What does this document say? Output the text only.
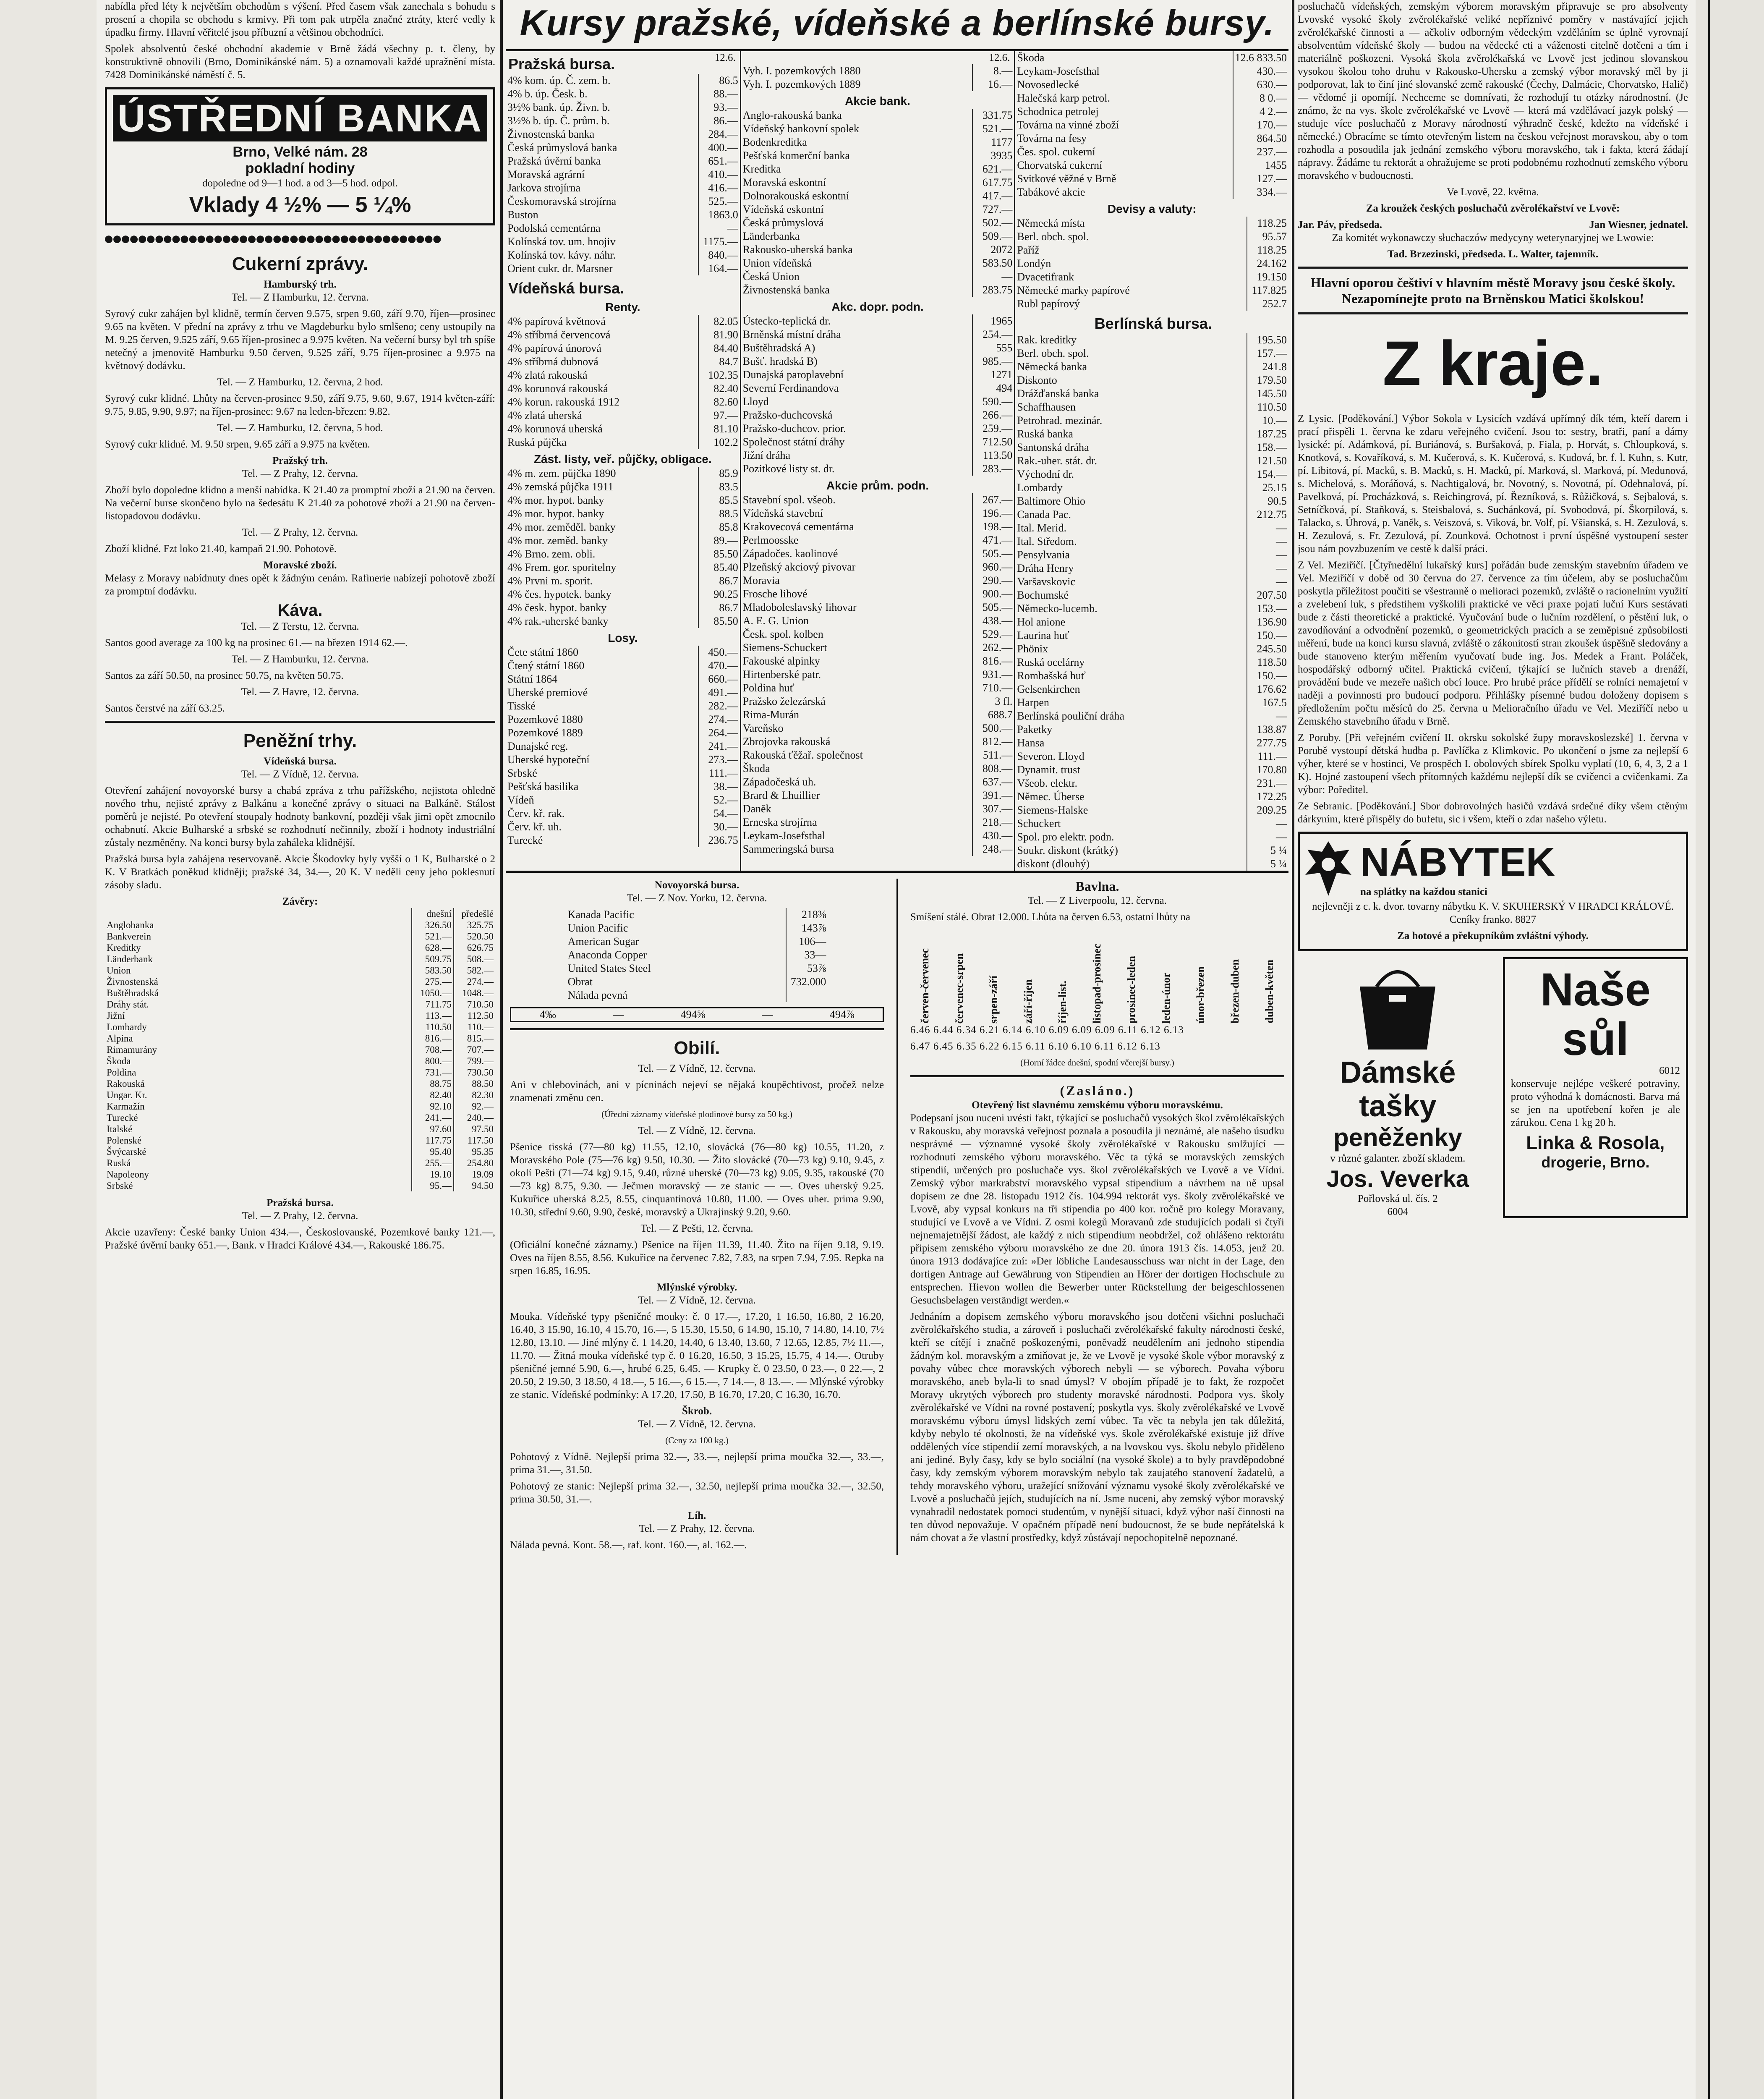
nabídla před léty k největším obchodům s výšení. Před časem však zanechala s bohudu s prosení a chopila se obchodu s krmivy. Při tom pak utrpěla značné ztráty, které vedly k úpadku firmy. Hlavní věřitelé jsou příbuzní a většinou obchodníci.

Spolek absolventů české obchodní akademie v Brně žádá všechny p. t. členy, by konstruktivně obnovili (Brno, Dominikánské nám. 5) a oznamovali každé upražnění místa. 7428 Dominikánské náměstí č. 5.

ÚSTŘEDNÍ BANKA
Brno, Velké nám. 28
pokladní hodiny
dopoledne od 9—1 hod. a od 3—5 hod. odpol.
Vklady 4 ½% — 5 ¼%
●●●●●●●●●●●●●●●●●●●●●●●●●●●●●●●●●●●●●●●●
Cukerní zprávy.
Hamburský trh.

Tel. — Z Hamburku, 12. června.

Syrový cukr zahájen byl klidně, termín červen 9.575, srpen 9.60, září 9.70, říjen—prosinec 9.65 na květen. V přední na zprávy z trhu ve Magdeburku bylo smlšeno; ceny ustoupily na M. 9.25 červen, 9.525 září, 9.65 říjen-prosinec a 9.975 květen. Na večerní bursy byl trh spíše netečný a jmenovitě Hamburku 9.50 červen, 9.525 září, 9.75 říjen-prosinec a 9.975 na květnový dodávku.

Tel. — Z Hamburku, 12. června, 2 hod.

Syrový cukr klidné. Lhůty na červen-prosinec 9.50, září 9.75, 9.60, 9.67, 1914 květen-září: 9.75, 9.85, 9.90, 9.97; na říjen-prosinec: 9.67 na leden-březen: 9.82.

Tel. — Z Hamburku, 12. června, 5 hod.

Syrový cukr klidné. M. 9.50 srpen, 9.65 září a 9.975 na květen.

Pražský trh.

Tel. — Z Prahy, 12. června.

Zboží bylo dopoledne klidno a menší nabídka. K 21.40 za promptní zboží a 21.90 na červen. Na večerní burse skončeno bylo na šedesátu K 21.40 za pohotové zboží a 21.90 na červen-listopadovou dodávku.

Tel. — Z Prahy, 12. června.

Zboží klidné. Fzt loko 21.40, kampaň 21.90. Pohotově.

Moravské zboží.

Melasy z Moravy nabídnuty dnes opět k žádným cenám. Rafinerie nabízejí pohotově zboží za promptní dodávku.

Káva.

Tel. — Z Terstu, 12. června.

Santos good average za 100 kg na prosinec 61.— na březen 1914 62.—.

Tel. — Z Hamburku, 12. června.

Santos za září 50.50, na prosinec 50.75, na květen 50.75.

Tel. — Z Havre, 12. června.

Santos čerstvé na září 63.25.

Peněžní trhy.
Vídeňská bursa.

Tel. — Z Vídně, 12. června.

Otevření zahájení novoyorské bursy a chabá zpráva z trhu pařížského, nejistota ohledně nového trhu, nejisté zprávy z Balkánu a konečné zprávy o situaci na Balkáně. Stálost poměrů je nejisté. Po otevření stoupaly hodnoty bankovní, později však jimi opět zmocnilo ochabnutí. Akcie Bulharské a srbské se rozhodnutí nečinnily, zboží i hodnoty industriální zůstaly nezměněny. Na konci bursy byla zaháleka klidnější.

Pražská bursa byla zahájena reservovaně. Akcie Škodovky byly vyšší o 1 K, Bulharské o 2 K. V Bratkách poněkud klidněji; pražské 34, 34.—, 20 K. V neděli ceny jeho poklesnutí zásoby sladu.

Závěry:
	dnešní	předešlé
Anglobanka	326.50	325.75
Bankverein	521.—	520.50
Kreditky	628.—	626.75
Länderbank	509.75	508.—
Union	583.50	582.—
Živnostenská	275.—	274.—
Buštěhradská	1050.—	1048.—
Dráhy stát.	711.75	710.50
Jižní	113.—	112.50
Lombardy	110.50	110.—
Alpina	816.—	815.—
Rimamurány	708.—	707.—
Škoda	800.—	799.—
Poldina	731.—	730.50
Rakouská	88.75	88.50
Ungar. Kr.	82.40	82.30
Karmažín	92.10	92.—
Turecké	241.—	240.—
Italské	97.60	97.50
Polenské	117.75	117.50
Švýcarské	95.40	95.35
Ruská	255.—	254.80
Napoleony	19.10	19.09
Srbské	95.—	94.50
Pražská bursa.

Tel. — Z Prahy, 12. června.

Akcie uzavřeny: České banky Union 434.—, Českoslovanské, Pozemkové banky 121.—, Pražské úvěrní banky 651.—, Bank. v Hradci Králové 434.—, Rakouské 186.75.

Kursy pražské, vídeňské a berlínské bursy.
Pražská bursa.	12.6.
4% kom. úp. Č. zem. b.	86.5
4% b. úp. Česk. b.	88.—
3½% bank. úp. Živn. b.	93.—
3½% b. úp. Č. prům. b.	86.—
Živnostenská banka	284.—
Česká průmyslová banka	400.—
Pražská úvěrní banka	651.—
Moravská agrární	410.—
Jarkova strojírna	416.—
Českomoravská strojírna	525.—
Buston	1863.0
Podolská cementárna	—
Kolínská tov. um. hnojiv	1175.—
Kolínská tov. kávy. náhr.	840.—
Orient cukr. dr. Marsner	164.—
Vídeňská bursa.
Renty.
4% papírová květnová	82.05
4% stříbrná červencová	81.90
4% papírová únorová	84.40
4% stříbrná dubnová	84.7
4% zlatá rakouská	102.35
4% korunová rakouská	82.40
4% korun. rakouská 1912	82.60
4% zlatá uherská	97.—
4% korunová uherská	81.10
Ruská půjčka	102.2
Zást. listy, veř. půjčky, obligace.
4% m. zem. půjčka 1890	85.9
4% zemská půjčka 1911	83.5
4% mor. hypot. banky	85.5
4% mor. hypot. banky	88.5
4% mor. zeměděl. banky	85.8
4% mor. zeměd. banky	89.—
4% Brno. zem. obli.	85.50
4% Frem. gor. sporitelny	85.40
4% Prvni m. sporit.	86.7
4% čes. hypotek. banky	90.25
4% česk. hypot. banky	86.7
4% rak.-uherské banky	85.50
Losy.
Čete státní 1860	450.—
Čtený státní 1860	470.—
Státní 1864	660.—
Uherské premiové	491.—
Tisské	282.—
Pozemkové 1880	274.—
Pozemkové 1889	264.—
Dunajské reg.	241.—
Uherské hypoteční	273.—
Srbské	111.—
Pešťská basilika	38.—
Vídeň	52.—
Červ. kř. rak.	54.—
Červ. kř. uh.	30.—
Turecké	236.75
12.6.
Vyh. I. pozemkových 1880	8.—
Vyh. I. pozemkových 1889	16.—
Akcie bank.
Anglo-rakouská banka	331.75
Vídeňský bankovní spolek	521.—
Bodenkreditka	1177
Pešťská komerční banka	3935
Kreditka	621.—
Moravská eskontní	617.75
Dolnorakouská eskontní	417.—
Vídeňská eskontní	727.—
Česká průmyslová	502.—
Länderbanka	509.—
Rakousko-uherská banka	2072
Union vídeňská	583.50
Česká Union	—
Živnostenská banka	283.75
Akc. dopr. podn.
Ústecko-teplická dr.	1965
Brněnská místní dráha	254.—
Buštěhradská A)	555
Bušť. hradská B)	985.—
Dunajská paroplavební	1271
Severní Ferdinandova	494
Lloyd	590.—
Pražsko-duchcovská	266.—
Pražsko-duchcov. prior.	259.—
Společnost státní dráhy	712.50
Jižní dráha	113.50
Pozitkové listy st. dr.	283.—
Akcie prům. podn.
Stavební spol. všeob.	267.—
Vídeňská stavební	196.—
Krakovecová cementárna	198.—
Perlmoosske	471.—
Západočes. kaolinové	505.—
Plzeňský akciový pivovar	960.—
Moravia	290.—
Frosche lihové	900.—
Mladoboleslavský lihovar	505.—
A. E. G. Union	438.—
Česk. spol. kolben	529.—
Siemens-Schuckert	262.—
Fakouské alpinky	816.—
Hirtenberské patr.	931.—
Poldina huť	710.—
Pražsko železárská	3 fl.
Rima-Murán	688.7
Vareňsko	500.—
Zbrojovka rakouská	812.—
Rakouská ťěžař. společnost	511.—
Škoda	808.—
Západočeská uh.	637.—
Brard & Lhuillier	391.—
Daněk	307.—
Erneska strojírna	218.—
Leykam-Josefsthal	430.—
Sammeringská bursa	248.—
Škoda	12.6 833.50
Leykam-Josefsthal	430.—
Novosedlecké	630.—
Halečská karp petrol.	8 0.—
Schodnica petrolej	4 2.—
Továrna na vinné zboží	170.—
Továrna na fesy	864.50
Čes. spol. cukerní	237.—
Chorvatská cukerní	1455
Svitkové věžné v Brně	127.—
Tabákové akcie	334.—
Devisy a valuty:
Německá místa	118.25
Berl. obch. spol.	95.57
Paříž	118.25
Londýn	24.162
Dvacetifrank	19.150
Německé marky papírové	117.825
Rubl papírový	252.7
Berlínská bursa.
Rak. kreditky	195.50
Berl. obch. spol.	157.—
Německá banka	241.8
Diskonto	179.50
Drážďanská banka	145.50
Schaffhausen	110.50
Petrohrad. mezinár.	10.—
Ruská banka	187.25
Santonská dráha	158.—
Rak.-uher. stát. dr.	121.50
Východní dr.	154.—
Lombardy	25.15
Baltimore Ohio	90.5
Canada Pac.	212.75
Ital. Merid.	—
Ital. Středom.	—
Pensylvania	—
Dráha Henry	—
Varšavskovic	—
Bochumské	207.50
Německo-lucemb.	153.—
Hol anione	136.90
Laurina huť	150.—
Phönix	245.50
Ruská ocelárny	118.50
Rombašská huť	150.—
Gelsenkirchen	176.62
Harpen	167.5
Berlínská pouliční dráha	—
Paketky	138.87
Hansa	277.75
Severon. Lloyd	111.—
Dynamit. trust	170.80
Všeob. elektr.	231.—
Němec. Úberse	172.25
Siemens-Halske	209.25
Schuckert	—
Spol. pro elektr. podn.	—
Soukr. diskont (krátký)	5 ¼
diskont (dlouhý)	5 ¼
Novoyorská bursa.

Tel. — Z Nov. Yorku, 12. června.

Kanada Pacific	218⅜
Union Pacific	143⅞
American Sugar	106—
Anaconda Copper	33—
United States Steel	53⅞
Obrat	732.000
Nálada pevná	
4‰	—	494⅝	—	494⅞
Obilí.

Tel. — Z Vídně, 12. června.

Ani v chlebovinách, ani v pícninách nejeví se nějaká koupěchtivost, pročež nelze znamenati změnu cen.

(Úřední záznamy vídeňské plodinové bursy za 50 kg.)

Tel. — Z Vídně, 12. června.

Pšenice tisská (77—80 kg) 11.55, 12.10, slovácká (76—80 kg) 10.55, 11.20, z Moravského Pole (75—76 kg) 9.50, 10.30. — Žito slovácké (70—73 kg) 9.10, 9.45, z okolí Pešti (71—74 kg) 9.15, 9.40, různé uherské (70—73 kg) 9.05, 9.35, rakouské (70—73 kg) 8.75, 9.30. — Ječmen moravský — ze stanic — —. Oves uherský 9.25. Kukuřice uherská 8.25, 8.55, cinquantinová 10.80, 11.00. — Oves uher. prima 9.90, 10.30, střední 9.60, 9.90, české, moravský a Ukrajinský 9.20, 9.60.

Tel. — Z Pešti, 12. června.

(Oficiální konečné záznamy.) Pšenice na říjen 11.39, 11.40. Žito na říjen 9.18, 9.19. Oves na říjen 8.55, 8.56. Kukuřice na červenec 7.82, 7.83, na srpen 7.94, 7.95. Repka na srpen 16.85, 16.95.

Mlýnské výrobky.

Tel. — Z Vídně, 12. června.

Mouka. Vídeňské typy pšeničné mouky: č. 0 17.—, 17.20, 1 16.50, 16.80, 2 16.20, 16.40, 3 15.90, 16.10, 4 15.70, 16.—, 5 15.30, 15.50, 6 14.90, 15.10, 7 14.80, 14.10, 7½ 12.80, 13.10. — Jiné mlýny č. 1 14.20, 14.40, 6 13.40, 13.60, 7 12.65, 12.85, 7½ 11.—, 11.70. — Žitná mouka vídeňské typ č. 0 16.20, 16.50, 3 15.25, 15.75, 4 14.—. Otruby pšeničné jemné 5.90, 6.—, hrubé 6.25, 6.45. — Krupky č. 0 23.50, 0 23.—, 0 22.—, 2 20.50, 2 19.50, 3 18.50, 4 18.—, 5 16.—, 6 15.—, 7 14.—, 8 13.—. — Mlýnské výrobky ze stanic. Vídeňské podmínky: A 17.20, 17.50, B 16.70, 17.20, C 16.30, 16.70.

Škrob.

Tel. — Z Vídně, 12. června.

(Ceny za 100 kg.)

Pohotový z Vídně. Nejlepší prima 32.—, 33.—, nejlepší prima moučka 32.—, 33.—, prima 31.—, 31.50.

Pohotový ze stanic: Nejlepší prima 32.—, 32.50, nejlepší prima moučka 32.—, 32.50, prima 30.50, 31.—.

Líh.

Tel. — Z Prahy, 12. června.

Nálada pevná. Kont. 58.—, raf. kont. 160.—, al. 162.—.

Bavlna.

Tel. — Z Liverpoolu, 12. června.

Smíšení stálé. Obrat 12.000. Lhůta na červen 6.53, ostatní lhůty na

červen-červenec červenec-srpen srpen-září září-říjen říjen-list. listopad-prosinec prosinec-leden leden-únor únor-březen březen-duben duben-květen

6.46 6.44 6.34 6.21 6.14 6.10 6.09 6.09 6.09 6.11 6.12 6.13

6.47 6.45 6.35 6.22 6.15 6.11 6.10 6.10 6.11 6.12 6.13

(Horní řádce dnešní, spodní včerejší bursy.)

(Zasláno.)
Otevřený list slavnému zemskému výboru moravskému.

Podepsaní jsou nuceni uvésti fakt, týkající se posluchačů vysokých škol zvěrolékařských v Rakousku, aby moravská veřejnost poznala a posoudila ji neznámé, ale našeho úsudku nesprávné — významné vysoké školy zvěrolékařské v Rakousku smlžující — rozhodnutí zemského výboru moravského. Věc ta týká se moravských zemských stipendií, určených pro posluchače vys. škol zvěrolékařských ve Lvově a ve Vídni. Zemský výbor markrabství moravského vypsal stipendium a návrhem na ně upsal dopisem ze dne 28. listopadu 1912 čís. 104.994 rektorát vys. školy zvěrolékařské ve Lvově, aby vypsal konkurs na tři stipendia po 400 kor. ročně pro kolegy Moravany, studující ve Lvově a ve Vídni. Z osmi kolegů Moravanů zde studujících podali si čtyři nejnemajetnější žádost, ale každý z nich stipendium neobdržel, což ohlášeno rektorátu připisem zemského výboru moravského ze dne 20. února 1913 čís. 14.053, jenž 20. února 1913 dodávajíce zní: »Der löbliche Landesausschuss war nicht in der Lage, den dortigen Antrage auf Gewährung von Stipendien an Hörer der dortigen Hochschule zu entsprechen. Hievon wollen die Bewerber unter Rückstellung der beigeschlossenen Gesuchsbelagen verständigt werden.«

Jednáním a dopisem zemského výboru moravského jsou dotčeni všichni posluchači zvěrolékařského studia, a zároveň i posluchači zvěrolékařské fakulty národnosti české, kteří se cítějí i značně poškozenými, poněvadž neudělením ani jednoho stipendia žádným kol. moravským a zmiňovat je, že ve Lvově je vysoké škole výbor moravský z povahy vůbec chce moravských výborech nebyli — se výborech. Povaha výboru moravského, aneb byla-li to snad úmysl? V obojím případě je to fakt, že rozpočet Moravy ukrytých výborech pro studenty moravské národnosti. Podpora vys. školy zvěrolékařské ve Vídni na rovné postavení; poskytla vys. školy zvěrolékařské ve Lvově moravskému výboru úmysl lidských zemí vůbec. Ta věc ta nebyla jen tak důležitá, kdyby nebylo té okolnosti, že na vídeňské vys. škole zvěrolékařské existuje již dříve oddělených více stipendií zemí moravských, a na lvovskou vys. školu nebylo přiděleno ani jediné. Byly časy, kdy se bylo sociální (na vysoké škole) a to byly pravděpodobné časy, kdy zemským výborem moravským nebylo tak zaujatého stanovení žadatelů, a tehdy moravského výboru, uražející snížování významu vysoké školy zvěrolékařské ve Lvově a posluchačů jejích, studujících na ní. Jsme nuceni, aby zemský výbor moravský vynahradil nedostatek pomoci studentům, v nynější situaci, když výbor naší činnosti na ten důvod nepovažuje. V opačném případě není budoucnost, že se bude nepřátelská k nám chovat a že vlastní prostředky, když zůstávají nepochopitelně nepoznané.

posluchačů vídeňských, zemským výborem moravským připravuje se pro absolventy Lvovské vysoké školy zvěrolékařské veliké nepříznivé poměry v nastávající jejich zvěrolékařské činnosti a — ačkoliv odborným vědeckým vzděláním se úplně vyrovnají absolventům vídeňské školy — budou na vědecké cti a váženosti citelně dotčeni a tím i materiálně poškozeni. Vysoká škola zvěrolékařská ve Lvově jest jedinou slovanskou vysokou školou toho druhu v Rakousko-Uhersku a zemský výbor moravský měl by ji podporovat, lak to činí jiné slovanské země rakouské (Čechy, Dalmácie, Chorvatsko, Halič) — vědomé ji opomíjí. Nechceme se domnívati, že rozhodují tu otázky národnostní. (Je známo, že na vys. škole zvěrolékařské ve Lvově — která má vzdělávací jazyk polský — studuje více posluchačů z Moravy národností výhradně české, kdežto na vídeňské i německé.) Obracíme se tímto otevřeným listem na českou veřejnost moravskou, aby o tom rozhodla a posoudila jak jednání zemského výboru moravského, tak i fakta, která žádají nápravy. Žádáme tu rektorát a ohražujeme se proti podobnému rozhodnutí zemského výboru moravského v budoucnosti.

Ve Lvově, 22. května.

Za kroužek českých posluchačů zvěrolékařství ve Lvově:

Jar. Páv, předseda.	Jan Wiesner, jednatel.

Za komitét wykonawczy słuchaczów medycyny weterynaryjnej we Lwowie:

Tad. Brzezinski, předseda. L. Walter, tajemník.

Hlavní oporou češtiví v hlavním městě Moravy jsou české školy. Nezapomínejte proto na Brněnskou Matici školskou!

Z kraje.

Z Lysic. [Poděkování.] Výbor Sokola v Lysicích vzdává upřímný dík tém, kteří darem i prací přispěli 1. června ke zdaru veřejného cvičení. Jsou to: sestry, bratři, paní a dámy lysické: pí. Adámková, pí. Buriánová, s. Buršaková, p. Fiala, p. Horvát, s. Chloupková, s. Knotková, s. Kovaříková, s. M. Kučerová, s. K. Kučerová, s. Kudová, br. f. l. Kuhn, s. Kutr, pí. Libitová, pí. Macků, s. B. Macků, s. H. Macků, pí. Marková, sl. Marková, pí. Medunová, s. Michelová, s. Moráňová, s. Nachtigalová, br. Novotný, s. Novotná, pí. Odehnalová, pí. Pavelková, pí. Procházková, s. Reichingrová, pí. Řezníková, s. Růžičková, s. Sejbalová, s. Setníčková, pí. Staňková, s. Steisbalová, s. Suchánková, pí. Svobodová, pí. Škorpilová, s. Talacko, s. Úhrová, p. Vaněk, s. Veiszová, s. Viková, br. Volf, pí. Všianská, s. H. Zezulová, s. H. Zezulová, s. Fr. Zezulová, pí. Zounková. Ochotnost i první úspěšné vystoupení sester jsou nám povzbuzením ve cestě k další práci.

Z Vel. Meziříčí. [Čtyřnedělní lukařský kurs] pořádán bude zemským stavebním úřadem ve Vel. Meziříčí v době od 30 června do 27. července za tím účelem, aby se posluchačům poskytla příležitost poučiti se všestranně o melioraci pozemků, zvláště o racionelním využití a zvelebení luk, s předstihem vyškolili praktické ve věci praxe pojatí luční Kurs sestávati bude z části theoretické a praktické. Vyučování bude o lučním rozdělení, o pěstění luk, o zavodňování a odvodnění pozemků, o geometrických pracích a se zeměpisné způsobilosti měření, bude na konci kursu slavná, zvláště o zákonitostí stran zkoušek úspěšně sledovány a bude stanoveno kterým měřením vyučovatí bude ing. Jos. Medek a Frant. Poláček, hospodářský odborný učitel. Praktická cvičení, týkající se lučních staveb a drenáží, provádění bude ve mezeře našich obcí louce. Pro hrubé práce přídělí se rolníci nemajetní v naději a povinnosti pro budoucí podporu. Přihlášky písemné budou doloženy dopisem s předložením počtu měsíců do 25. června u Melioračního úřadu ve Vel. Meziříčí nebo u Zemského stavebního úřadu v Brně.

Z Poruby. [Při veřejném cvičení II. okrsku sokolské župy moravskoslezské] 1. června v Porubě vystoupí dětská hudba p. Pavlíčka z Klimkovic. Po ukončení o jsme za nejlepší 6 výher, které se v hostinci, Ve prospěch I. obolových sbírek Spolku vyplatí (10, 6, 4, 3, 2 a 1 K). Hojné zastoupení všech přítomných každému nejlepší dík se cvičenci a cvičenkami. Za výbor: Poředitel.

Ze Sebranic. [Poděkování.] Sbor dobrovolných hasičů vzdává srdečné díky všem ctěným dárkyním, které přispěly do bufetu, sic i všem, kteří o zdar našeho výletu.

NÁBYTEK
na splátky na každou stanici

nejlevněji z c. k. dvor. tovarny nábytku K. V. SKUHERSKÝ V HRADCI KRÁLOVÉ. Ceníky franko. 8827

Za hotové a překupníkům zvláštní výhody.

Dámské tašky
peněženky
v různé galanter. zboží skladem.
Jos. Veverka
Pořlovská ul. čís. 2
6004
Naše sůl
6012

konservuje nejlépe veškeré potraviny, proto výhodná k domácnosti. Barva má se jen na upotřebení kořen je ale zárukou. Cena 1 kg 20 h.

Linka & Rosola,
drogerie, Brno.
